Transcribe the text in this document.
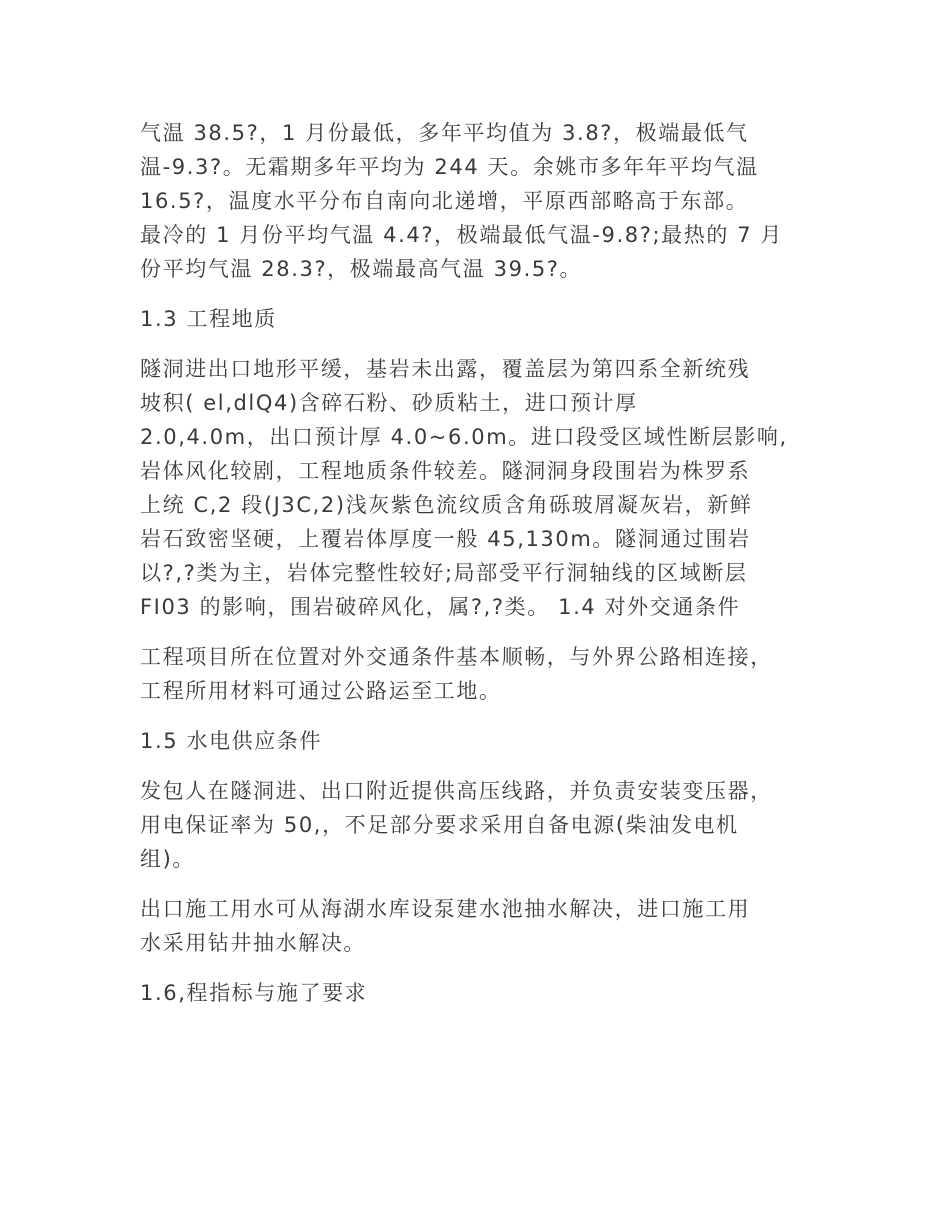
气温 38.5?，1 月份最低，多年平均值为 3.8?，极端最低气
温-9.3?。无霜期多年平均为 244 天。余姚市多年年平均气温
16.5?，温度水平分布自南向北递增，平原西部略高于东部。
最冷的 1 月份平均气温 4.4?，极端最低气温-9.8?;最热的 7 月
份平均气温 28.3?，极端最高气温 39.5?。

1.3 工程地质

隧洞进出口地形平缓，基岩未出露，覆盖层为第四系全新统残
坡积( el,dlQ4)含碎石粉、砂质粘土，进口预计厚
2.0,4.0m，出口预计厚 4.0~6.0m。进口段受区域性断层影响,
岩体风化较剧，工程地质条件较差。隧洞洞身段围岩为株罗系
上统 C,2 段(J3C,2)浅灰紫色流纹质含角砾玻屑凝灰岩，新鲜
岩石致密坚硬，上覆岩体厚度一般 45,130m。隧洞通过围岩
以?,?类为主，岩体完整性较好;局部受平行洞轴线的区域断层
FI03 的影响，围岩破碎风化，属?,?类。 1.4 对外交通条件

工程项目所在位置对外交通条件基本顺畅，与外界公路相连接，
工程所用材料可通过公路运至工地。

1.5 水电供应条件

发包人在隧洞进、出口附近提供高压线路，并负责安装变压器，
用电保证率为 50,，不足部分要求采用自备电源(柴油发电机
组)。

出口施工用水可从海湖水库设泵建水池抽水解决，进口施工用
水采用钻井抽水解决。

1.6,程指标与施了要求
